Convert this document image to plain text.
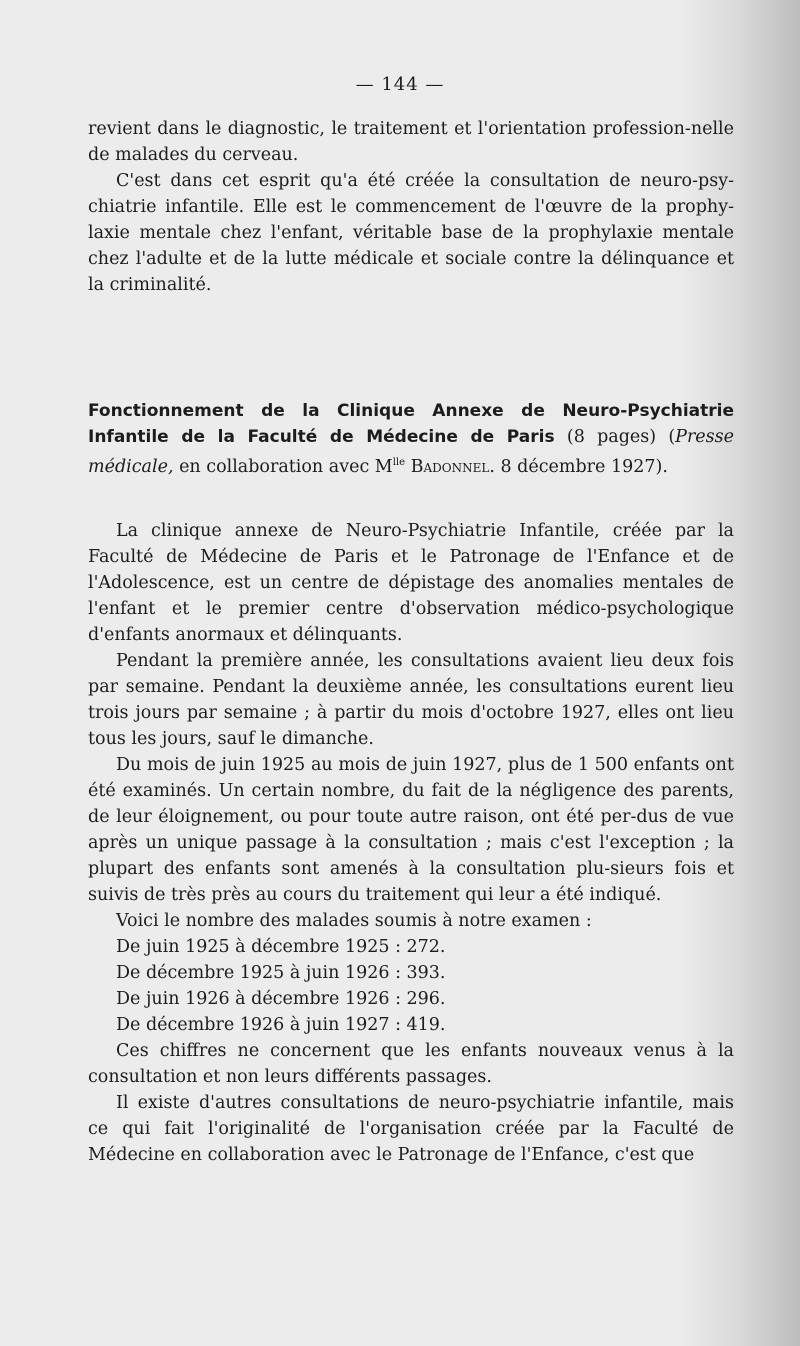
— 144 —

revient dans le diagnostic, le traitement et l'orientation profession-nelle de malades du cerveau.

C'est dans cet esprit qu'a été créée la consultation de neuro-psy-chiatrie infantile. Elle est le commencement de l'œuvre de la prophy-laxie mentale chez l'enfant, véritable base de la prophylaxie mentale chez l'adulte et de la lutte médicale et sociale contre la délinquance et la criminalité.

Fonctionnement de la Clinique Annexe de Neuro-Psychiatrie Infantile de la Faculté de Médecine de Paris (8 pages) (Presse médicale, en collaboration avec $M^{lle}$ Badonnel. 8 décembre 1927).

La clinique annexe de Neuro-Psychiatrie Infantile, créée par la Faculté de Médecine de Paris et le Patronage de l'Enfance et de l'Adolescence, est un centre de dépistage des anomalies mentales de l'enfant et le premier centre d'observation médico-psychologique d'enfants anormaux et délinquants.

Pendant la première année, les consultations avaient lieu deux fois par semaine. Pendant la deuxième année, les consultations eurent lieu trois jours par semaine ; à partir du mois d'octobre 1927, elles ont lieu tous les jours, sauf le dimanche.

Du mois de juin 1925 au mois de juin 1927, plus de 1 500 enfants ont été examinés. Un certain nombre, du fait de la négligence des parents, de leur éloignement, ou pour toute autre raison, ont été per-dus de vue après un unique passage à la consultation ; mais c'est l'exception ; la plupart des enfants sont amenés à la consultation plu-sieurs fois et suivis de très près au cours du traitement qui leur a été indiqué.

Voici le nombre des malades soumis à notre examen :

De juin 1925 à décembre 1925 : 272.

De décembre 1925 à juin 1926 : 393.

De juin 1926 à décembre 1926 : 296.

De décembre 1926 à juin 1927 : 419.

Ces chiffres ne concernent que les enfants nouveaux venus à la consultation et non leurs différents passages.

Il existe d'autres consultations de neuro-psychiatrie infantile, mais ce qui fait l'originalité de l'organisation créée par la Faculté de Médecine en collaboration avec le Patronage de l'Enfance, c'est que
